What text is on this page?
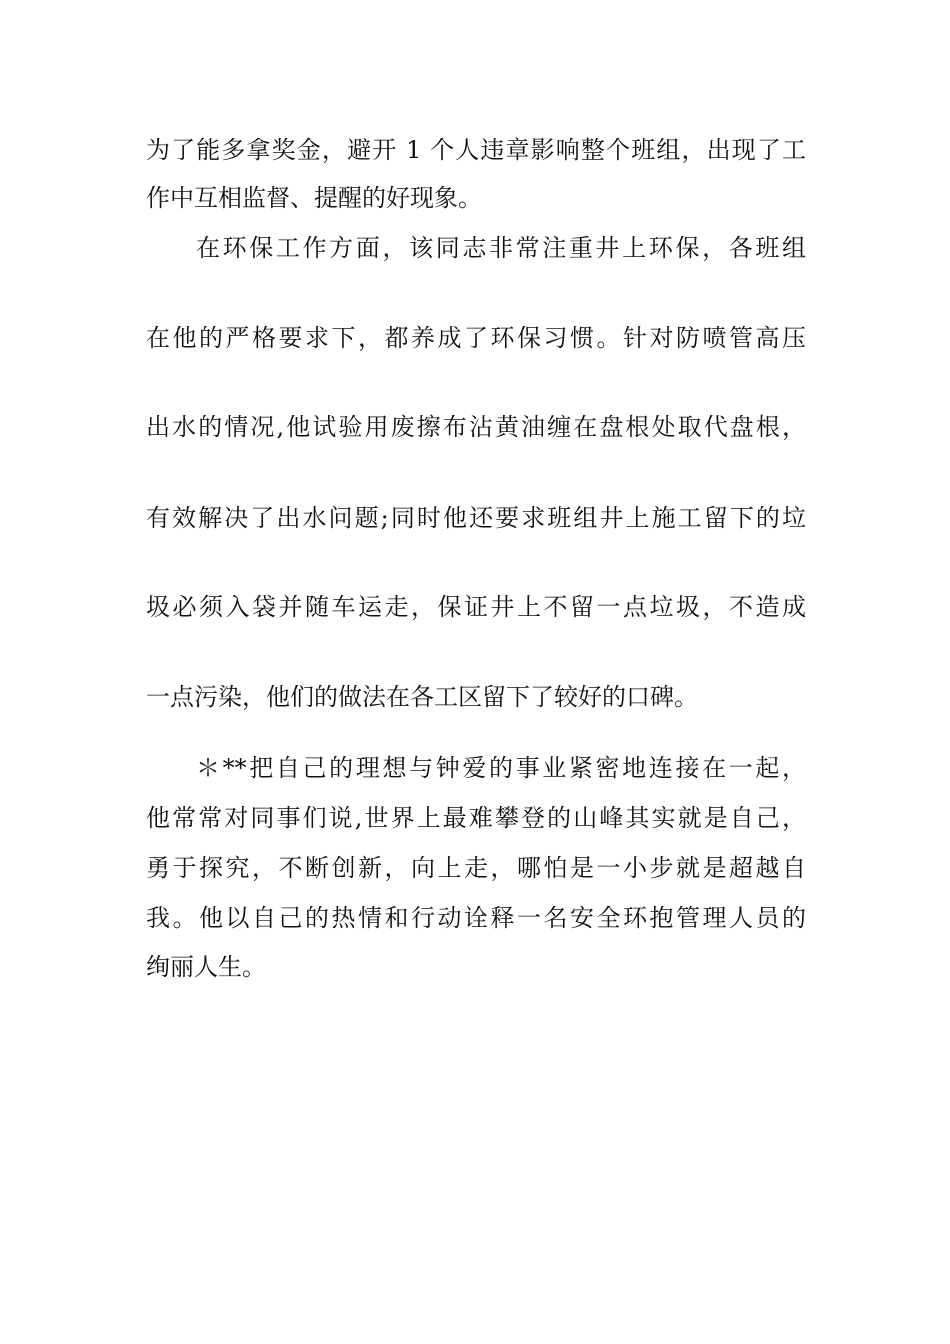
为了能多拿奖金，避开 1 个人违章影响整个班组，出现了工
作中互相监督、提醒的好现象。
在环保工作方面，该同志非常注重井上环保，各班组
在他的严格要求下，都养成了环保习惯。针对防喷管高压
出水的情况,他试验用废擦布沾黄油缠在盘根处取代盘根，
有效解决了出水问题;同时他还要求班组井上施工留下的垃
圾必须入袋并随车运走，保证井上不留一点垃圾，不造成
一点污染，他们的做法在各工区留下了较好的口碑。
＊**把自己的理想与钟爱的事业紧密地连接在一起，
他常常对同事们说,世界上最难攀登的山峰其实就是自己，
勇于探究，不断创新，向上走，哪怕是一小步就是超越自
我。他以自己的热情和行动诠释一名安全环抱管理人员的
绚丽人生。
